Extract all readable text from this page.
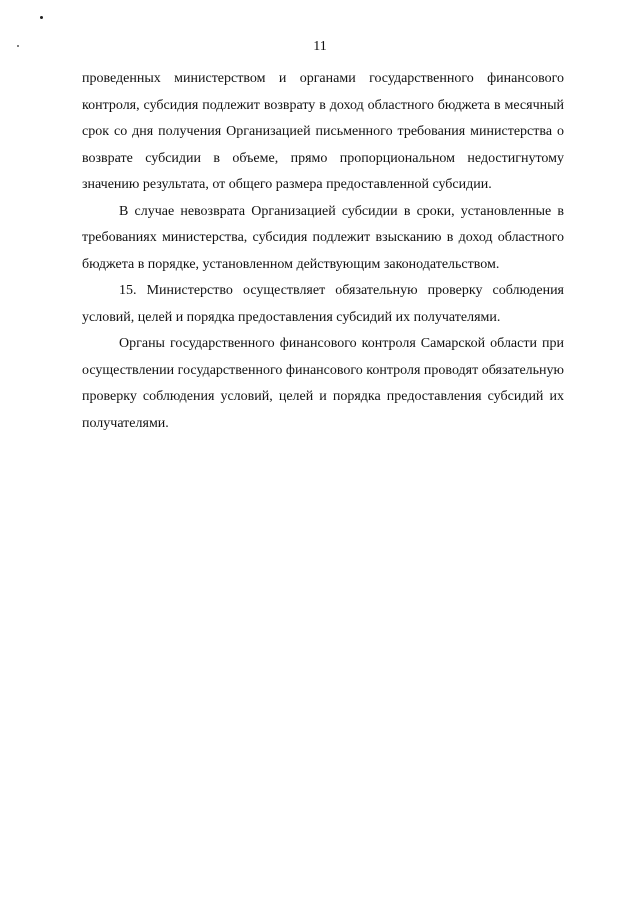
11

проведенных министерством и органами государственного финансового контроля, субсидия подлежит возврату в доход областного бюджета в месячный срок со дня получения Организацией письменного требования министерства о возврате субсидии в объеме, прямо пропорциональном недостигнутому значению результата, от общего размера предоставленной субсидии.

В случае невозврата Организацией субсидии в сроки, установленные в требованиях министерства, субсидия подлежит взысканию в доход областного бюджета в порядке, установленном действующим законодательством.

15. Министерство осуществляет обязательную проверку соблюдения условий, целей и порядка предоставления субсидий их получателями.

Органы государственного финансового контроля Самарской области при осуществлении государственного финансового контроля проводят обязательную проверку соблюдения условий, целей и порядка предоставления субсидий их получателями.
